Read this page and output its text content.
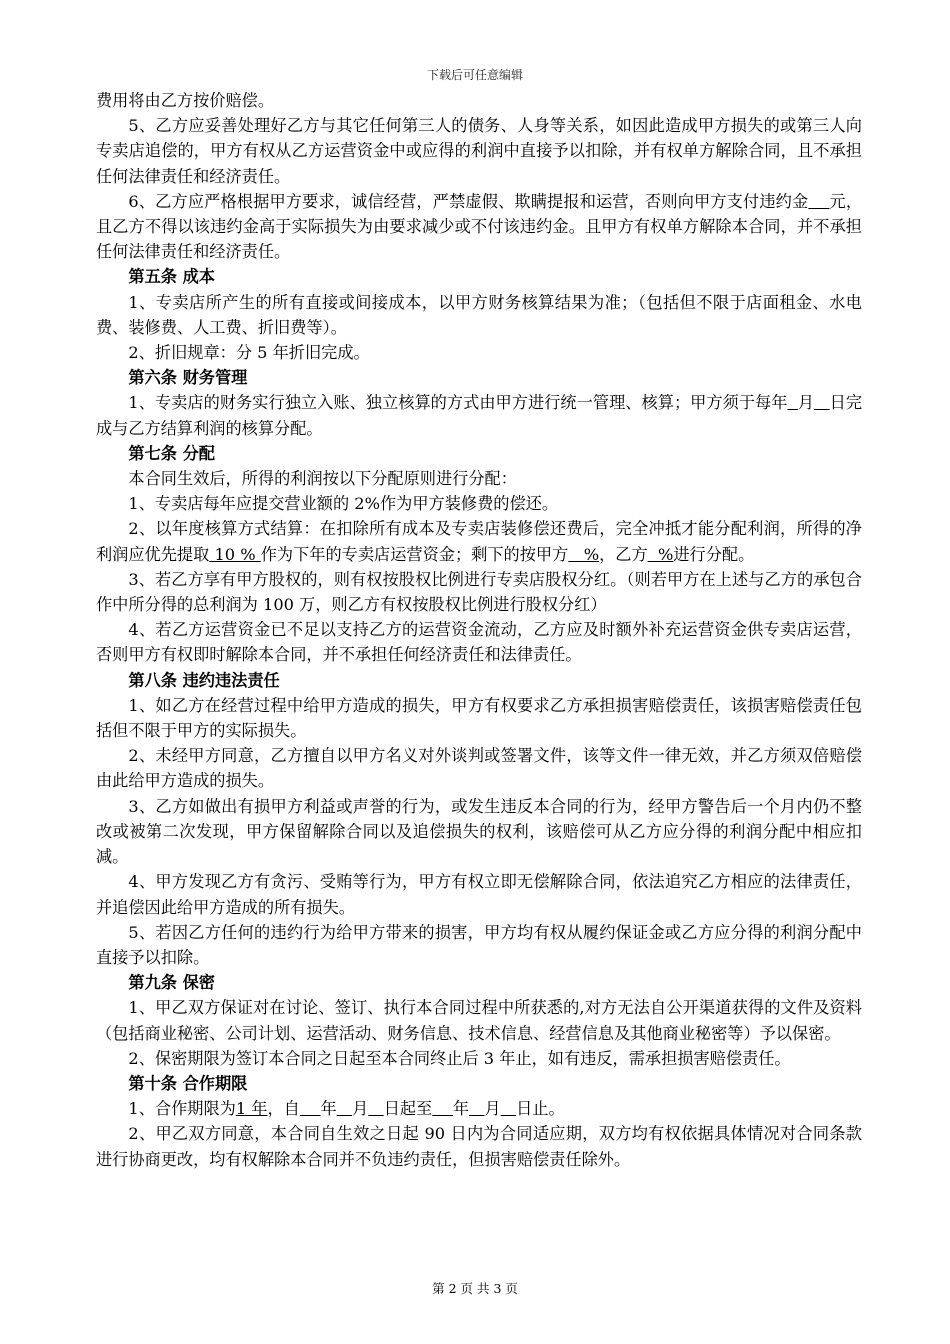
下载后可任意编辑

费用将由乙方按价赔偿。

5、乙方应妥善处理好乙方与其它任何第三人的债务、人身等关系，如因此造成甲方损失的或第三人向专卖店追偿的，甲方有权从乙方运营资金中或应得的利润中直接予以扣除，并有权单方解除合同，且不承担任何法律责任和经济责任。

6、乙方应严格根据甲方要求，诚信经营，严禁虚假、欺瞒提报和运营，否则向甲方支付违约金 元，且乙方不得以该违约金高于实际损失为由要求减少或不付该违约金。且甲方有权单方解除本合同，并不承担任何法律责任和经济责任。

第五条 成本

1、专卖店所产生的所有直接或间接成本，以甲方财务核算结果为准；（包括但不限于店面租金、水电费、装修费、人工费、折旧费等）。

2、折旧规章：分 5 年折旧完成。

第六条 财务管理

1、专卖店的财务实行独立入账、独立核算的方式由甲方进行统一管理、核算；甲方须于每年 月 日完成与乙方结算利润的核算分配。

第七条 分配

本合同生效后，所得的利润按以下分配原则进行分配：

1、专卖店每年应提交营业额的 2%作为甲方装修费的偿还。

2、以年度核算方式结算：在扣除所有成本及专卖店装修偿还费后，完全冲抵才能分配利润，所得的净利润应优先提取 10 % 作为下年的专卖店运营资金；剩下的按甲方   %，乙方  %进行分配。

3、若乙方享有甲方股权的，则有权按股权比例进行专卖店股权分红。（则若甲方在上述与乙方的承包合作中所分得的总利润为 100 万，则乙方有权按股权比例进行股权分红）

4、若乙方运营资金已不足以支持乙方的运营资金流动，乙方应及时额外补充运营资金供专卖店运营，否则甲方有权即时解除本合同，并不承担任何经济责任和法律责任。

第八条 违约违法责任

1、如乙方在经营过程中给甲方造成的损失，甲方有权要求乙方承担损害赔偿责任，该损害赔偿责任包括但不限于甲方的实际损失。

2、未经甲方同意，乙方擅自以甲方名义对外谈判或签署文件，该等文件一律无效，并乙方须双倍赔偿由此给甲方造成的损失。

3、乙方如做出有损甲方利益或声誉的行为，或发生违反本合同的行为，经甲方警告后一个月内仍不整改或被第二次发现，甲方保留解除合同以及追偿损失的权利，该赔偿可从乙方应分得的利润分配中相应扣减。

4、甲方发现乙方有贪污、受贿等行为，甲方有权立即无偿解除合同，依法追究乙方相应的法律责任，并追偿因此给甲方造成的所有损失。

5、若因乙方任何的违约行为给甲方带来的损害，甲方均有权从履约保证金或乙方应分得的利润分配中直接予以扣除。

第九条 保密

1、甲乙双方保证对在讨论、签订、执行本合同过程中所获悉的,对方无法自公开渠道获得的文件及资料（包括商业秘密、公司计划、运营活动、财务信息、技术信息、经营信息及其他商业秘密等）予以保密。

2、保密期限为签订本合同之日起至本合同终止后 3 年止，如有违反，需承担损害赔偿责任。

第十条 合作期限

1、合作期限为1 年，自 年 月 日起至 年 月 日止。

2、甲乙双方同意，本合同自生效之日起 90 日内为合同适应期，双方均有权依据具体情况对合同条款进行协商更改，均有权解除本合同并不负违约责任，但损害赔偿责任除外。

第 2 页 共 3 页
